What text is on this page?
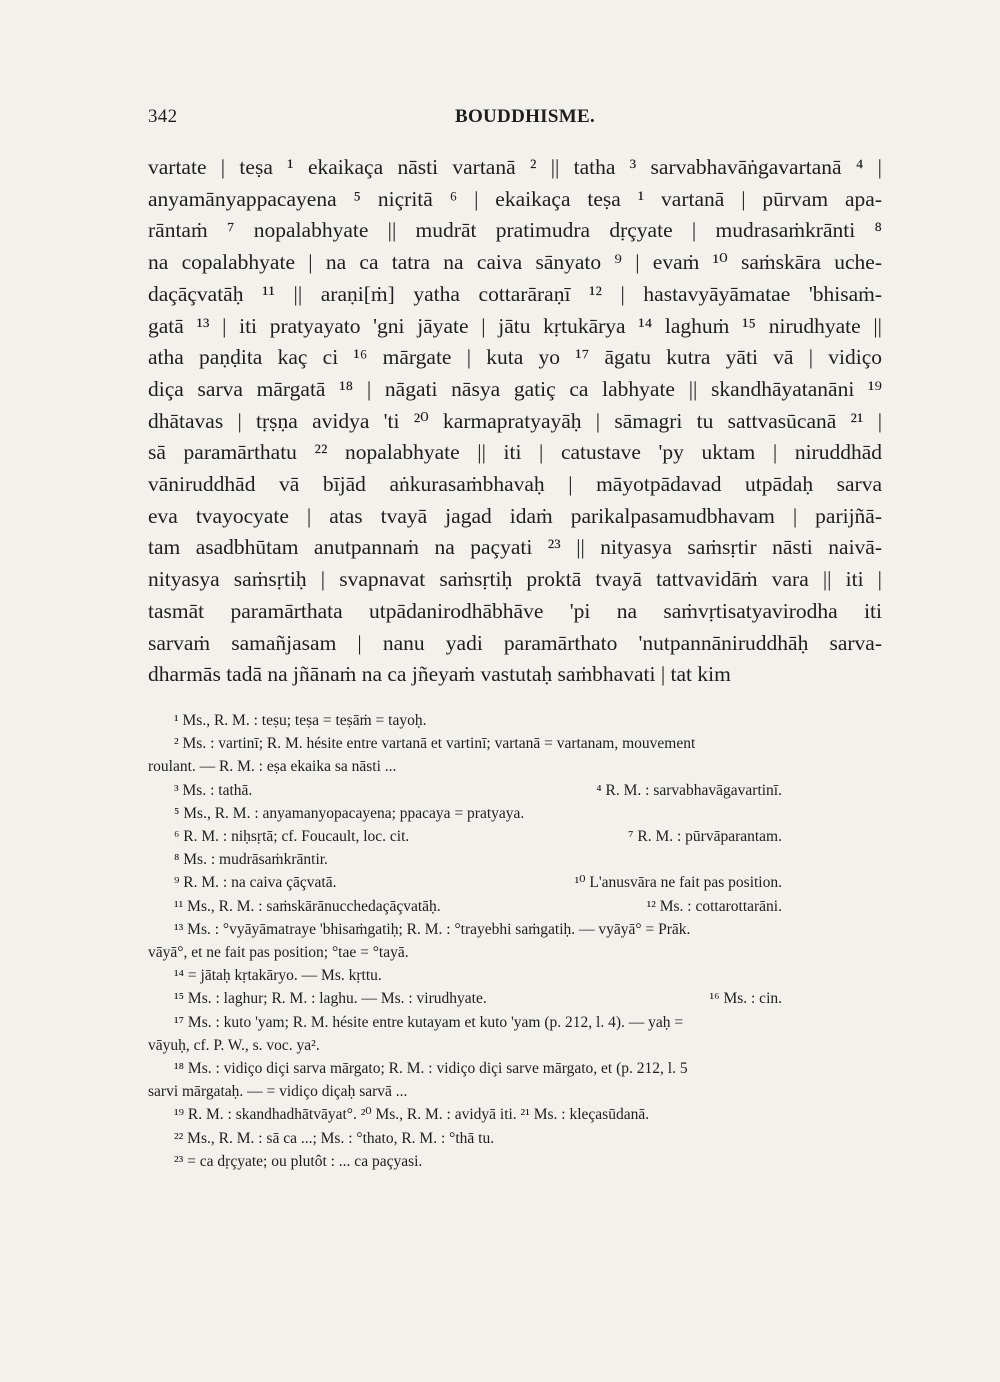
342	BOUDDHISME.
vartate | teṣa ¹ ekaikaça nāsti vartanā ² || tatha ³ sarvabhavāṅgavartanā ⁴ |
anyamānyappacayena ⁵ niçritā ⁶ | ekaikaça teṣa ¹ vartanā | pūrvam apa-
rāntaṁ ⁷ nopalabhyate || mudrāt pratimudra dṛçyate | mudrasaṁkrānti ⁸
na copalabhyate | na ca tatra na caiva sānyato ⁹ | evaṁ ¹⁰ saṁskāra uche-
daçāçvatāḥ ¹¹ || araṇi[ṁ] yatha cottarāraṇī ¹² | hastavyāyāmatae 'bhisaṁ-
gatā ¹³ | iti pratyayato 'gni jāyate | jātu kṛtukārya ¹⁴ laghuṁ ¹⁵ nirudhyate ||
atha paṇḍita kaç ci ¹⁶ mārgate | kuta yo ¹⁷ āgatu kutra yāti vā | vidiço
diça sarva mārgatā ¹⁸ | nāgati nāsya gatiç ca labhyate || skandhāyatanāni ¹⁹
dhātavas | tṛṣṇa avidya 'ti ²⁰ karmapratyayāḥ | sāmagri tu sattvasūcanā ²¹ |
sā paramārthatu ²² nopalabhyate || iti | catustave 'py uktam | niruddhād
vāniruddhād vā bījād aṅkurasaṁbhavaḥ | māyotpādavad utpādaḥ sarva
eva tvayocyate | atas tvayā jagad idaṁ parikalpasamudbhavam | parijñā-
tam asadbhūtam anutpannaṁ na paçyati ²³ || nityasya saṁsṛtir nāsti naivā-
nityasya saṁsṛtiḥ | svapnavat saṁsṛtiḥ proktā tvayā tattvavidāṁ vara || iti |
tasmāt paramārthata utpādanirodhābhāve 'pi na saṁvṛtisatyavirodha iti
sarvaṁ samañjasam | nanu yadi paramārthato 'nutpannāniruddhāḥ sarva-
dharmās tadā na jñānaṁ na ca jñeyaṁ vastutaḥ saṁbhavati | tat kim
¹ Ms., R. M. : teṣu; teṣa = teṣāṁ = tayoḥ.
² Ms. : vartinī; R. M. hésite entre vartanā et vartinī; vartanā = vartanam, mouvement
roulant. — R. M. : eṣa ekaika sa nāsti ...
³ Ms. : tathā.	⁴ R. M. : sarvabhavāgavartinī.
⁵ Ms., R. M. : anyamanyopacayena; ppacaya = pratyaya.
⁶ R. M. : niḥsṛtā; cf. Foucault, loc. cit.	⁷ R. M. : pūrvāparantam.
⁸ Ms. : mudrāsaṁkrāntir.
⁹ R. M. : na caiva çāçvatā.	¹⁰ L'anusvāra ne fait pas position.
¹¹ Ms., R. M. : saṁskārānucchedaçāçvatāḥ.	¹² Ms. : cottarottarāni.
¹³ Ms. : °vyāyāmatraye 'bhisaṁgatiḥ; R. M. : °trayebhi saṁgatiḥ. — vyāyā° = Prāk.
vāyā°, et ne fait pas position; °tae = °tayā.
¹⁴ = jātaḥ kṛtakāryo. — Ms. kṛttu.
¹⁵ Ms. : laghur; R. M. : laghu. — Ms. : virudhyate.	¹⁶ Ms. : cin.
¹⁷ Ms. : kuto 'yam; R. M. hésite entre kutayam et kuto 'yam (p. 212, l. 4). — yaḥ =
vāyuḥ, cf. P. W., s. voc. ya².
¹⁸ Ms. : vidiço diçi sarva mārgato; R. M. : vidiço diçi sarve mārgato, et (p. 212, l. 5
sarvi mārgataḥ. — = vidiço diçaḥ sarvā ...
¹⁹ R. M. : skandhadhātvāyat°. ²⁰ Ms., R. M. : avidyā iti. ²¹ Ms. : kleçasūdanā.
²² Ms., R. M. : sā ca ...; Ms. : °thato, R. M. : °thā tu.
²³ = ca dṛçyate; ou plutôt : ... ca paçyasi.
